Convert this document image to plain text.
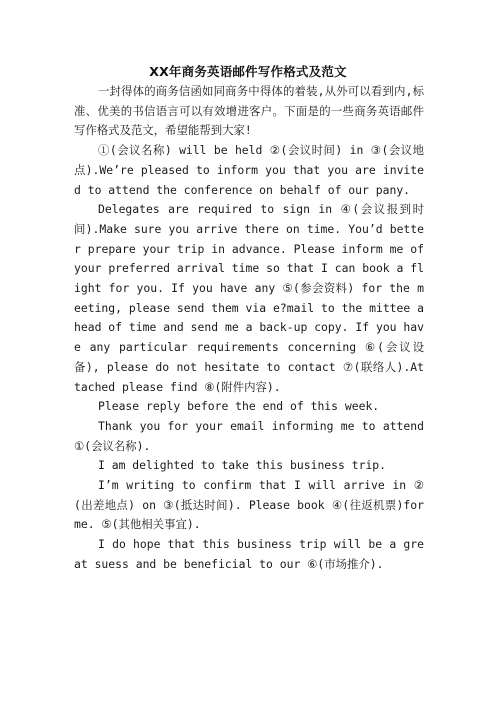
XX年商务英语邮件写作格式及范文

一封得体的商务信函如同商务中得体的着装,从外可以看到内,标准、优美的书信语言可以有效增进客户。下面是的一些商务英语邮件写作格式及范文，希望能帮到大家!

①(会议名称) will be held ②(会议时间) in ③(会议地点).We’re pleased to inform you that you are invited to attend the conference on behalf of our pany.

Delegates are required to sign in ④(会议报到时间).Make sure you arrive there on time. You’d better prepare your trip in advance. Please inform me of your preferred arrival time so that I can book a flight for you. If you have any ⑤(参会资料) for the meeting, please send them via e?mail to the mittee ahead of time and send me a back-up copy. If you have any particular requirements concerning ⑥(会议设备), please do not hesitate to contact ⑦(联络人).Attached please find ⑧(附件内容).

Please reply before the end of this week.

Thank you for your email informing me to attend ①(会议名称).

I am delighted to take this business trip.

I’m writing to confirm that I will arrive in ②(出差地点) on ③(抵达时间). Please book ④(往返机票)for me. ⑤(其他相关事宜).

I do hope that this business trip will be a great suess and be beneficial to our ⑥(市场推介).
